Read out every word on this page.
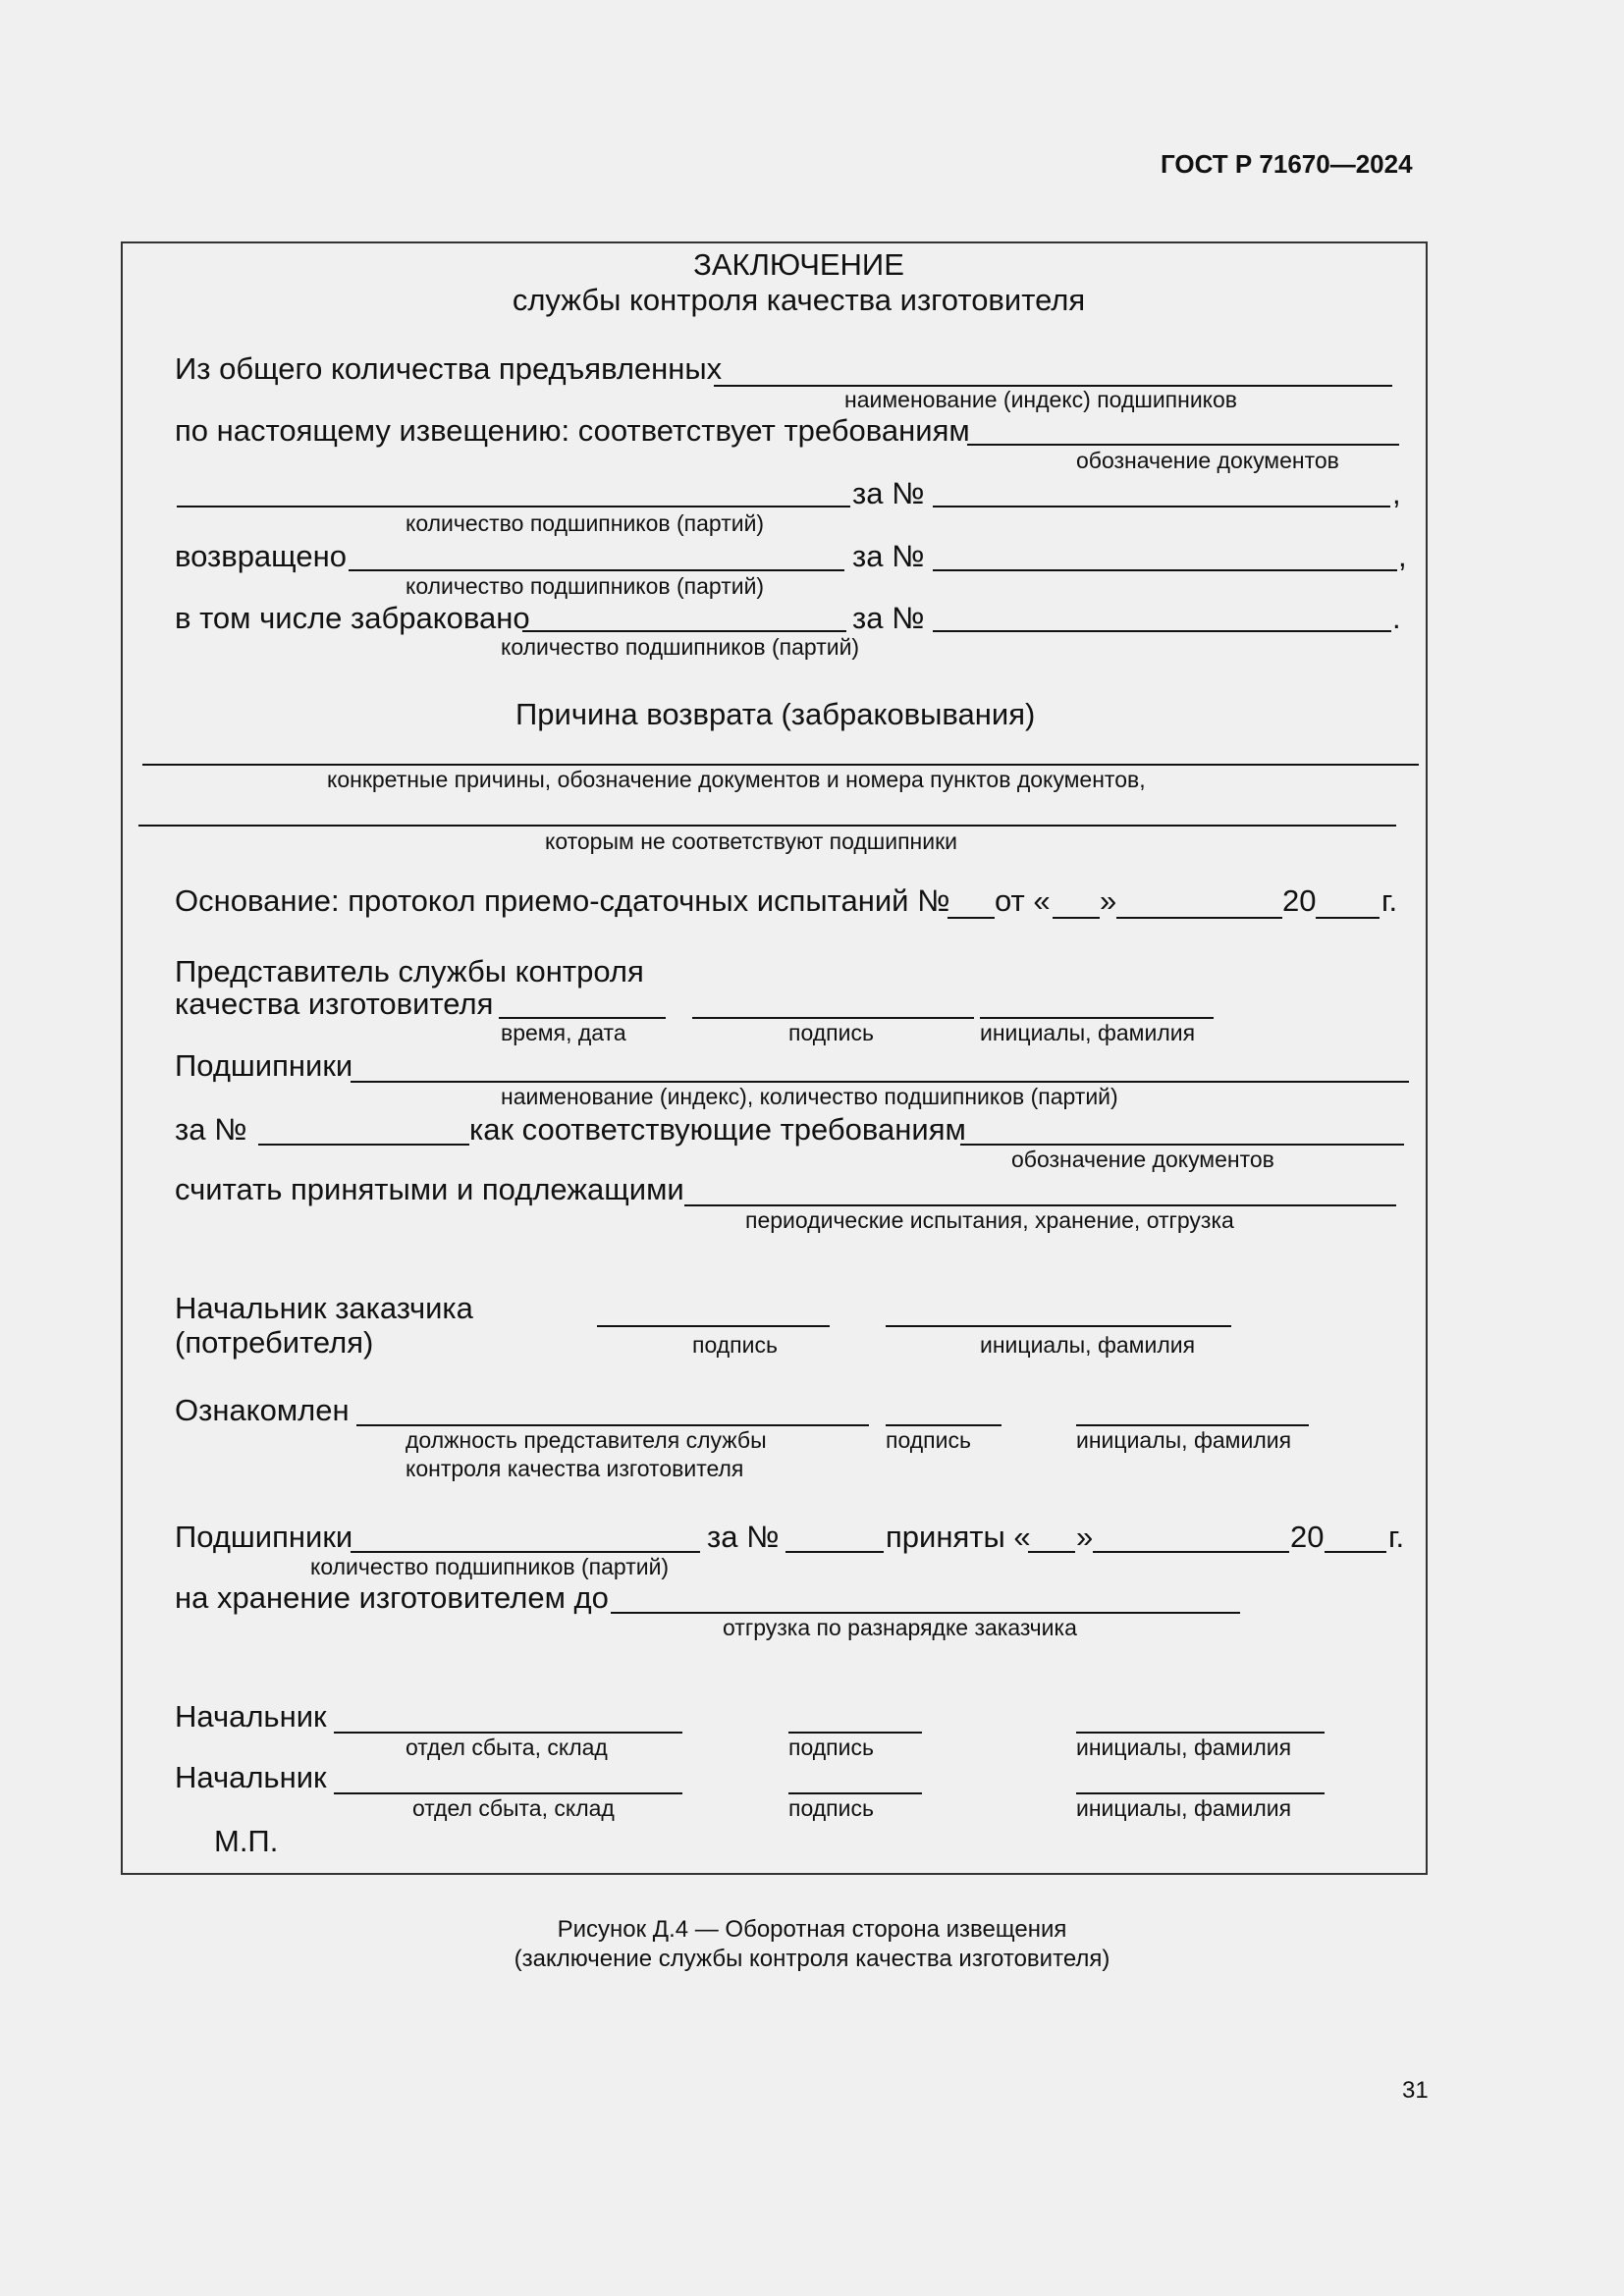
ГОСТ Р 71670—2024
ЗАКЛЮЧЕНИЕ
службы контроля качества изготовителя
Из общего количества предъявленных
наименование (индекс) подшипников
по настоящему извещению: соответствует требованиям
обозначение документов
за №	,
количество подшипников (партий)
возвращено	за №	,
количество подшипников (партий)
в том числе забраковано	за №	.
количество подшипников (партий)
Причина возврата (забраковывания)
конкретные причины, обозначение документов и номера пунктов документов,
которым не соответствуют подшипники
Основание: протокол приемо-сдаточных испытаний № от « »	20 г.
Представитель службы контроля
качества изготовителя
время, дата	подпись	инициалы, фамилия
Подшипники
наименование (индекс), количество подшипников (партий)
за №	как соответствующие требованиям
обозначение документов
считать принятыми и подлежащими
периодические испытания, хранение, отгрузка
Начальник заказчика
(потребителя)	подпись	инициалы, фамилия
Ознакомлен
должность представителя службы
контроля качества изготовителя
подпись	инициалы, фамилия
Подшипники	за №	приняты « »	20 г.
количество подшипников (партий)
на хранение изготовителем до
отгрузка по разнарядке заказчика
Начальник
отдел сбыта, склад	подпись	инициалы, фамилия
Начальник
отдел сбыта, склад	подпись	инициалы, фамилия
М.П.
Рисунок Д.4 — Оборотная сторона извещения
(заключение службы контроля качества изготовителя)
31
